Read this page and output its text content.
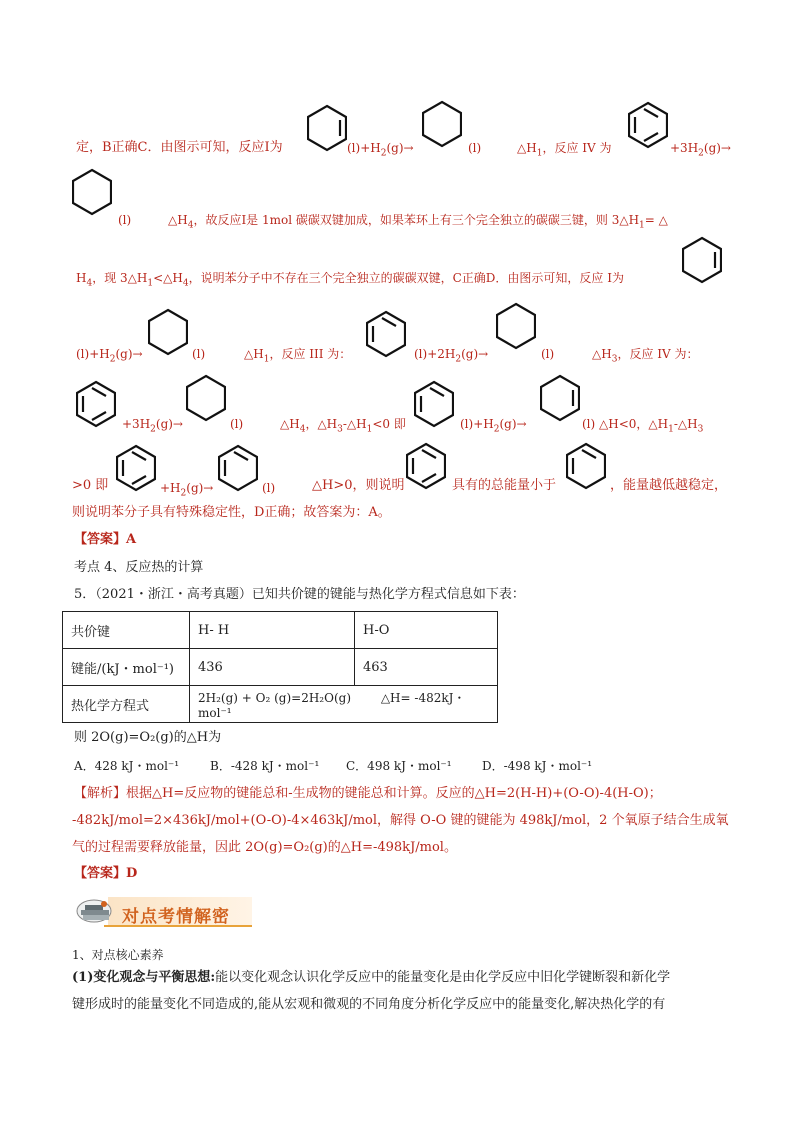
定，B正确C．由图示可知，反应Ⅰ为	$(l)+H_2(g)\to$	(l)	$\triangle H_1$，反应 IV 为	$+3H_2(g)\to$
(l)	$\triangle H_4$，故反应Ⅰ是 1mol 碳碳双键加成，如果苯环上有三个完全独立的碳碳三键，则 $3\triangle H_1=$ △
$H_4$，现 $3\triangle H_1<\triangle H_4$，说明苯分子中不存在三个完全独立的碳碳双键，C正确D．由图示可知，反应 Ⅰ为
$(l)+H_2(g)\to$	(l)	$\triangle H_1$，反应 III 为：	$(l)+2H_2(g)\to$	(l)	$\triangle H_3$，反应 IV 为：
$+3H_2(g)\to$	(l)	$\triangle H_4$，$\triangle H_3-\triangle H_1<0$ 即	$(l)+H_2(g)\to$	(l) △H<0，$\triangle H_1-\triangle H_3$
>0 即	$+H_2(g)\to$	(l)	△H>0，则说明	具有的总能量小于	，能量越低越稳定，
则说明苯分子具有特殊稳定性，D正确；故答案为：A。
【答案】A
考点 4、反应热的计算
5．（2021・浙江・高考真题）已知共价键的键能与热化学方程式信息如下表：
共价键	H- H	H-O
键能/(kJ・mol⁻¹)	436	463
热化学方程式	2H₂(g) + O₂ (g)=2H₂O(g) △H= -482kJ・mol⁻¹	
则 2O(g)=O₂(g)的△H为
A．428 kJ・mol⁻¹	B．-428 kJ・mol⁻¹ C．498 kJ・mol⁻¹	D．-498 kJ・mol⁻¹
【解析】根据△H=反应物的键能总和-生成物的键能总和计算。反应的△H=2(H-H)+(O-O)-4(H-O)；
-482kJ/mol=2×436kJ/mol+(O-O)-4×463kJ/mol，解得 O-O 键的键能为 498kJ/mol，2 个氧原子结合生成氧
气的过程需要释放能量，因此 2O(g)=O₂(g)的△H=-498kJ/mol。
【答案】D
对点考情解密
1、对点核心素养
(1)变化观念与平衡思想:能以变化观念认识化学反应中的能量变化是由化学反应中旧化学键断裂和新化学
键形成时的能量变化不同造成的,能从宏观和微观的不同角度分析化学反应中的能量变化,解决热化学的有
